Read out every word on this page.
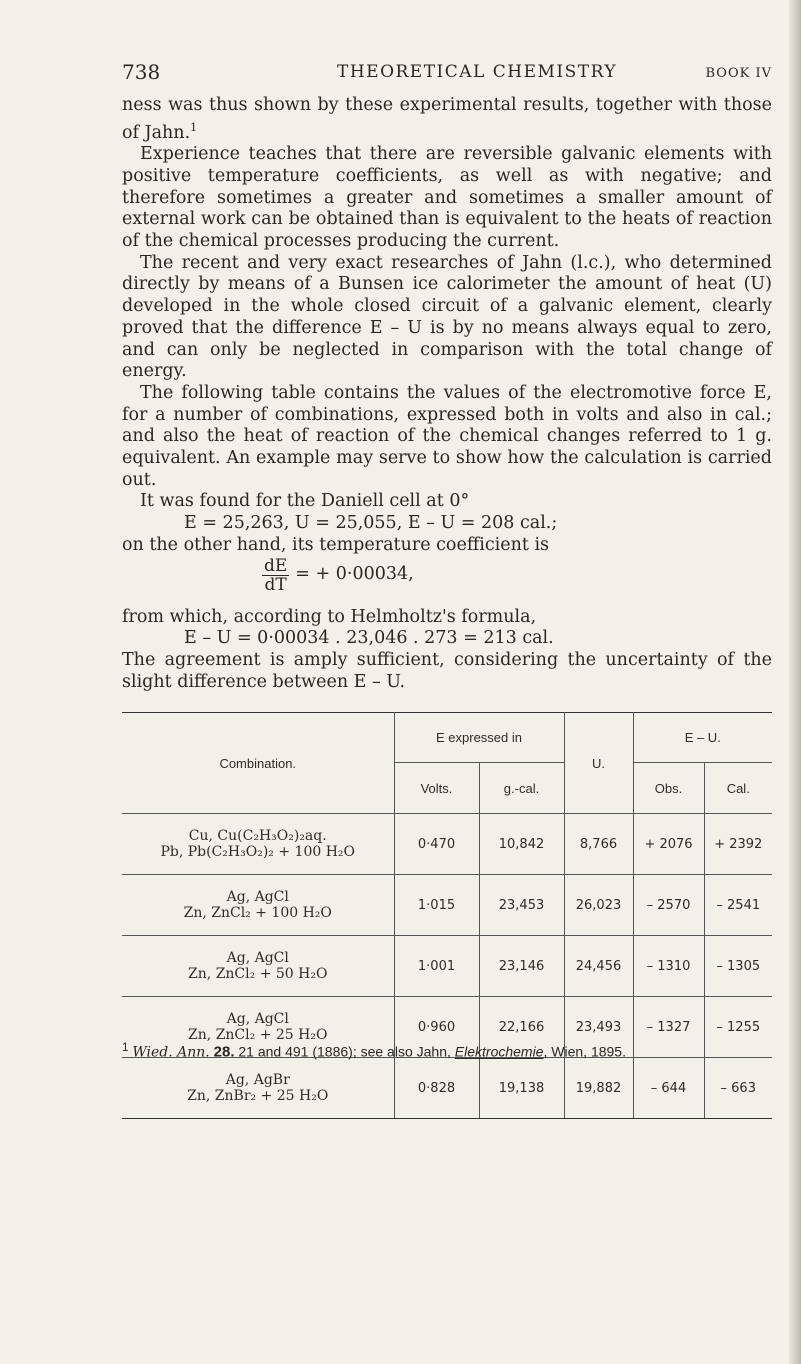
738	THEORETICAL CHEMISTRY	BOOK IV

ness was thus shown by these experimental results, together with those of Jahn.$^1$

Experience teaches that there are reversible galvanic elements with positive temperature coefficients, as well as with negative; and therefore sometimes a greater and sometimes a smaller amount of external work can be obtained than is equivalent to the heats of reaction of the chemical processes producing the current.

The recent and very exact researches of Jahn (l.c.), who determined directly by means of a Bunsen ice calorimeter the amount of heat (U) developed in the whole closed circuit of a galvanic element, clearly proved that the difference E – U is by no means always equal to zero, and can only be neglected in comparison with the total change of energy.

The following table contains the values of the electromotive force E, for a number of combinations, expressed both in volts and also in cal.; and also the heat of reaction of the chemical changes referred to 1 g. equivalent. An example may serve to show how the calculation is carried out.

It was found for the Daniell cell at 0°

E = 25,263, U = 25,055, E – U = 208 cal.;

on the other hand, its temperature coefficient is

$\frac{dE}{dT}$ = + 0·00034,

from which, according to Helmholtz's formula,

E – U = 0·00034 . 23,046 . 273 = 213 cal.

The agreement is amply sufficient, considering the uncertainty of the slight difference between E – U.

Combination.	E expressed in		U.	E – U.	
	Volts.	g.-cal.		Obs.	Cal.

Cu, Cu(C₂H₃O₂)₂aq.
Pb, Pb(C₂H₃O₂)₂ + 100 H₂O	0·470	10,842	8,766	+ 2076	+ 2392

Ag, AgCl
Zn, ZnCl₂ + 100 H₂O	1·015	23,453	26,023	– 2570	– 2541

Ag, AgCl
Zn, ZnCl₂ + 50 H₂O	1·001	23,146	24,456	– 1310	– 1305

Ag, AgCl
Zn, ZnCl₂ + 25 H₂O	0·960	22,166	23,493	– 1327	– 1255

Ag, AgBr
Zn, ZnBr₂ + 25 H₂O	0·828	19,138	19,882	– 644	– 663
$^1$ Wied. Ann. 28. 21 and 491 (1886); see also Jahn, Elektrochemie, Wien, 1895.
